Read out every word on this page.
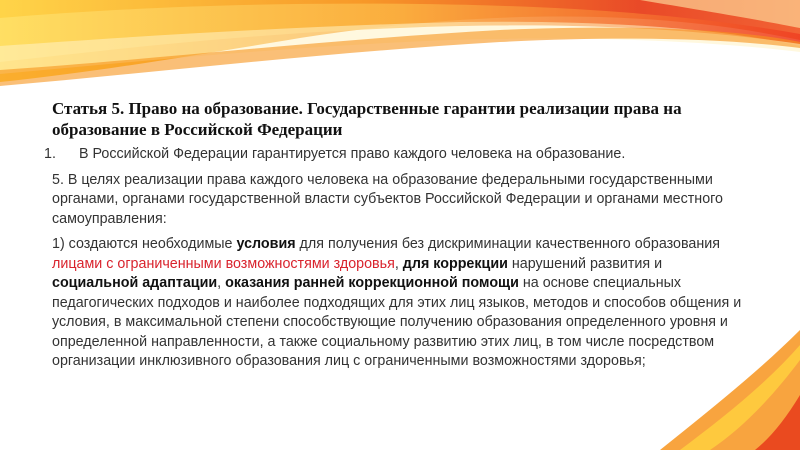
Статья 5. Право на образование. Государственные гарантии реализации права на образование в Российской Федерации

1.	В Российской Федерации гарантируется право каждого человека на образование.

5. В целях реализации права каждого человека на образование федеральными государственными органами, органами государственной власти субъектов Российской Федерации и органами местного самоуправления:

1) создаются необходимые условия для получения без дискриминации качественного образования лицами с ограниченными возможностями здоровья, для коррекции нарушений развития и социальной адаптации, оказания ранней коррекционной помощи на основе специальных педагогических подходов и наиболее подходящих для этих лиц языков, методов и способов общения и условия, в максимальной степени способствующие получению образования определенного уровня и определенной направленности, а также социальному развитию этих лиц, в том числе посредством организации инклюзивного образования лиц с ограниченными возможностями здоровья;
